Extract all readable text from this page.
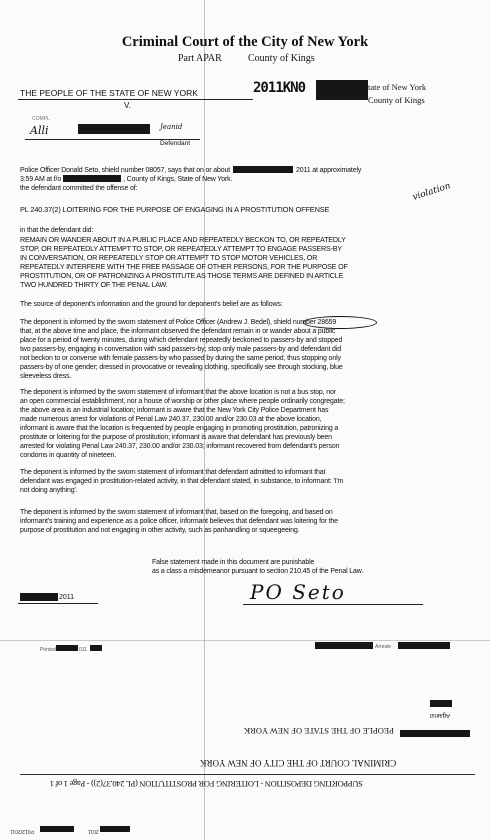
Criminal Court of the City of New York
Part APAR	County of Kings
THE PEOPLE OF THE STATE OF NEW YORK
V.
2011KN0	tate of New York
County of Kings
COMPL
Alli	Jeanid
Defendant
Police Officer Donald Seto, shield number 08057, says that on or about	2011 at approximately
3:59 AM at f/o	, County of Kings, State of New York.
the defendant committed the offense of:
PL 240.37(2) LOITERING FOR THE PURPOSE OF ENGAGING IN A PROSTITUTION OFFENSE
violation
in that the defendant did:
REMAIN OR WANDER ABOUT IN A PUBLIC PLACE AND REPEATEDLY BECKON TO, OR REPEATEDLY
STOP, OR REPEATEDLY ATTEMPT TO STOP, OR REPEATEDLY ATTEMPT TO ENGAGE PASSERS-BY
IN CONVERSATION, OR REPEATEDLY STOP OR ATTEMPT TO STOP MOTOR VEHICLES, OR
REPEATEDLY INTERFERE WITH THE FREE PASSAGE OF OTHER PERSONS, FOR THE PURPOSE OF
PROSTITUTION, OR OF PATRONIZING A PROSTITUTE AS THOSE TERMS ARE DEFINED IN ARTICLE
TWO HUNDRED THIRTY OF THE PENAL LAW.
The source of deponent's information and the ground for deponent's belief are as follows:
The deponent is informed by the sworn statement of Police Officer (Andrew J. Bedel), shield number 28659
that, at the above time and place, the informant observed the defendant remain in or wander about a public
place for a period of twenty minutes, during which defendant repeatedly beckoned to passers-by and stopped
two passers-by, engaging in conversation with said passers-by; stop only male passers-by and defendant did
not beckon to or converse with female passers-by who passed by during the same period, thus stopping only
passers-by of one gender; dressed in provocative or revealing clothing, specifically see through stocking, blue
sleeveless dress.
The deponent is informed by the sworn statement of informant that the above location is not a bus stop, nor
an open commercial establishment, nor a house of worship or other place where people ordinarily congregate;
the above area is an industrial location; informant is aware that the New York City Police Department has
made numerous arrest for violations of Penal Law 240.37, 230.00 and/or 230.03 at the above location,
informant is aware that the location is frequented by people engaging in promoting prostitution, patronizing a
prostitute or loitering for the purpose of prostitution; informant is aware that defendant has previously been
arrested for violating Penal Law 240.37, 230.00 and/or 230.03; informant recovered from defendant's person
condoms in quantity of nineteen.
The deponent is informed by the sworn statement of informant that defendant admitted to informant that
defendant was engaged in prostitution-related activity, in that defendant stated, in substance, to informant: 'I'm
not doing anything'.
The deponent is informed by the sworn statement of informant that, based on the foregoing, and based on
informant's training and experience as a police officer, informant believes that defendant was loitering for the
purpose of prostitution and not engaging in other activity, such as panhandling or squeegeeing.
False statement made in this document are punishable
as a class a misdemeanor pursuant to section 210.45 of the Penal Law.
PO Seto
2011
Printed	011	Arreste
Against
PEOPLE OF THE STATE OF NEW YORK
CRIMINAL COURT OF THE CITY OF NEW YORK
SUPPORTING DEPOSITION - LOITERING FOR PROSTITUTION (PL 240.37(2)) - Page 1 of 1
P012/2011	2011
